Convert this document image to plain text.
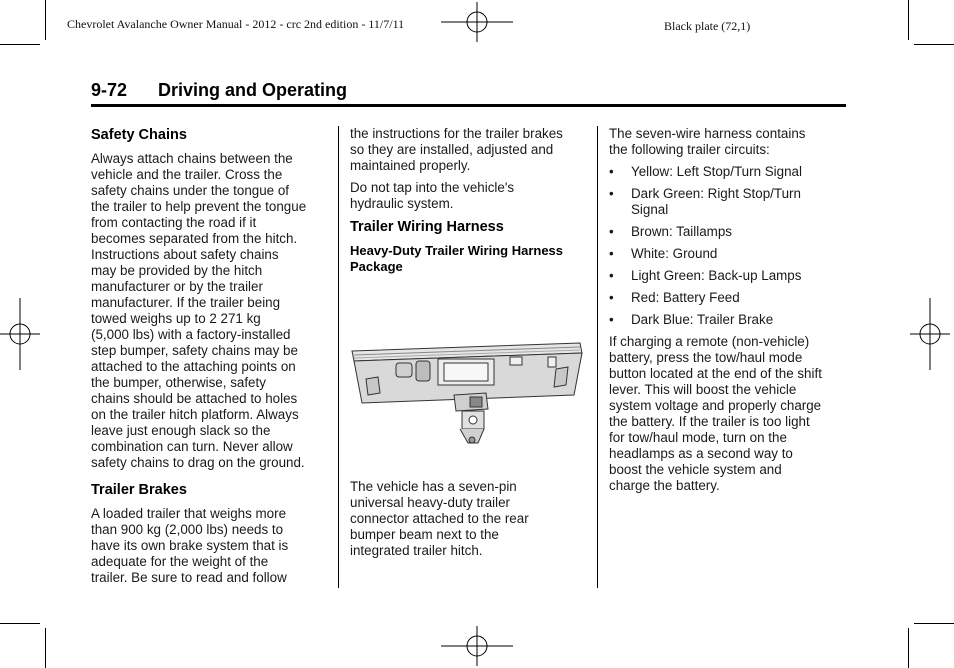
Chevrolet Avalanche Owner Manual - 2012 - crc 2nd edition - 11/7/11	Black plate (72,1)
9-72 Driving and Operating
Safety Chains

Always attach chains between the
vehicle and the trailer. Cross the
safety chains under the tongue of
the trailer to help prevent the tongue
from contacting the road if it
becomes separated from the hitch.
Instructions about safety chains
may be provided by the hitch
manufacturer or by the trailer
manufacturer. If the trailer being
towed weighs up to 2 271 kg
(5,000 lbs) with a factory-installed
step bumper, safety chains may be
attached to the attaching points on
the bumper, otherwise, safety
chains should be attached to holes
on the trailer hitch platform. Always
leave just enough slack so the
combination can turn. Never allow
safety chains to drag on the ground.

Trailer Brakes

A loaded trailer that weighs more
than 900 kg (2,000 lbs) needs to
have its own brake system that is
adequate for the weight of the
trailer. Be sure to read and follow

the instructions for the trailer brakes
so they are installed, adjusted and
maintained properly.

Do not tap into the vehicle's
hydraulic system.

Trailer Wiring Harness
Heavy-Duty Trailer Wiring Harness
Package

The vehicle has a seven-pin
universal heavy-duty trailer
connector attached to the rear
bumper beam next to the
integrated trailer hitch.

The seven-wire harness contains
the following trailer circuits:

• Yellow: Left Stop/Turn Signal
• Dark Green: Right Stop/Turn
Signal
• Brown: Taillamps
• White: Ground
• Light Green: Back-up Lamps
• Red: Battery Feed
• Dark Blue: Trailer Brake

If charging a remote (non-vehicle)
battery, press the tow/haul mode
button located at the end of the shift
lever. This will boost the vehicle
system voltage and properly charge
the battery. If the trailer is too light
for tow/haul mode, turn on the
headlamps as a second way to
boost the vehicle system and
charge the battery.
